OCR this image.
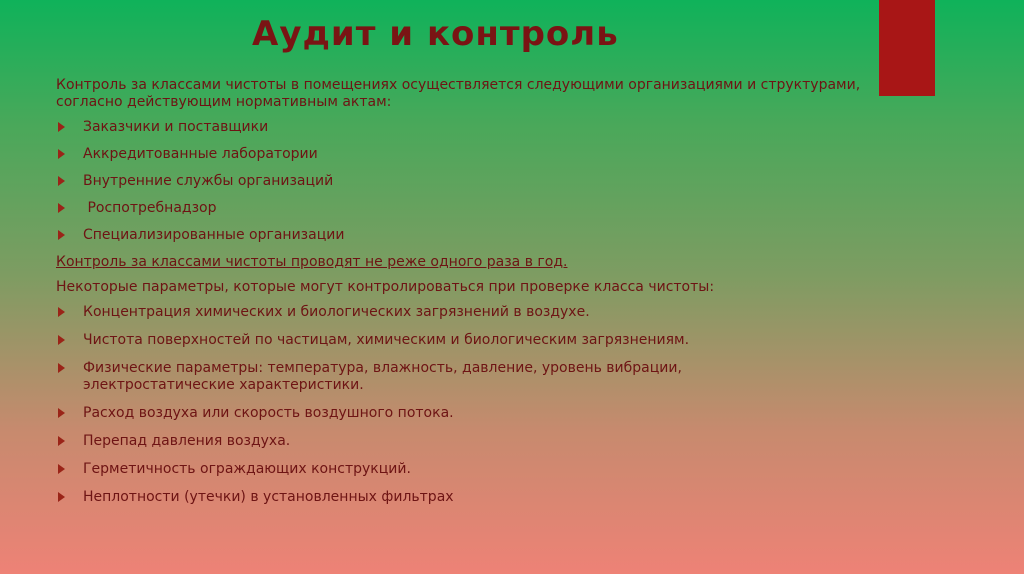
Аудит и контроль

Контроль за классами чистоты в помещениях осуществляется следующими организациями и структурами, согласно действующим нормативным актам:

Заказчики и поставщики
Аккредитованные лаборатории
Внутренние службы организаций
Роспотребнадзор
Специализированные организации

Контроль за классами чистоты проводят не реже одного раза в год.

Некоторые параметры, которые могут контролироваться при проверке класса чистоты:

Концентрация химических и биологических загрязнений в воздухе.
Чистота поверхностей по частицам, химическим и биологическим загрязнениям.
Физические параметры: температура, влажность, давление, уровень вибрации, электростатические характеристики.
Расход воздуха или скорость воздушного потока.
Перепад давления воздуха.
Герметичность ограждающих конструкций.
Неплотности (утечки) в установленных фильтрах
